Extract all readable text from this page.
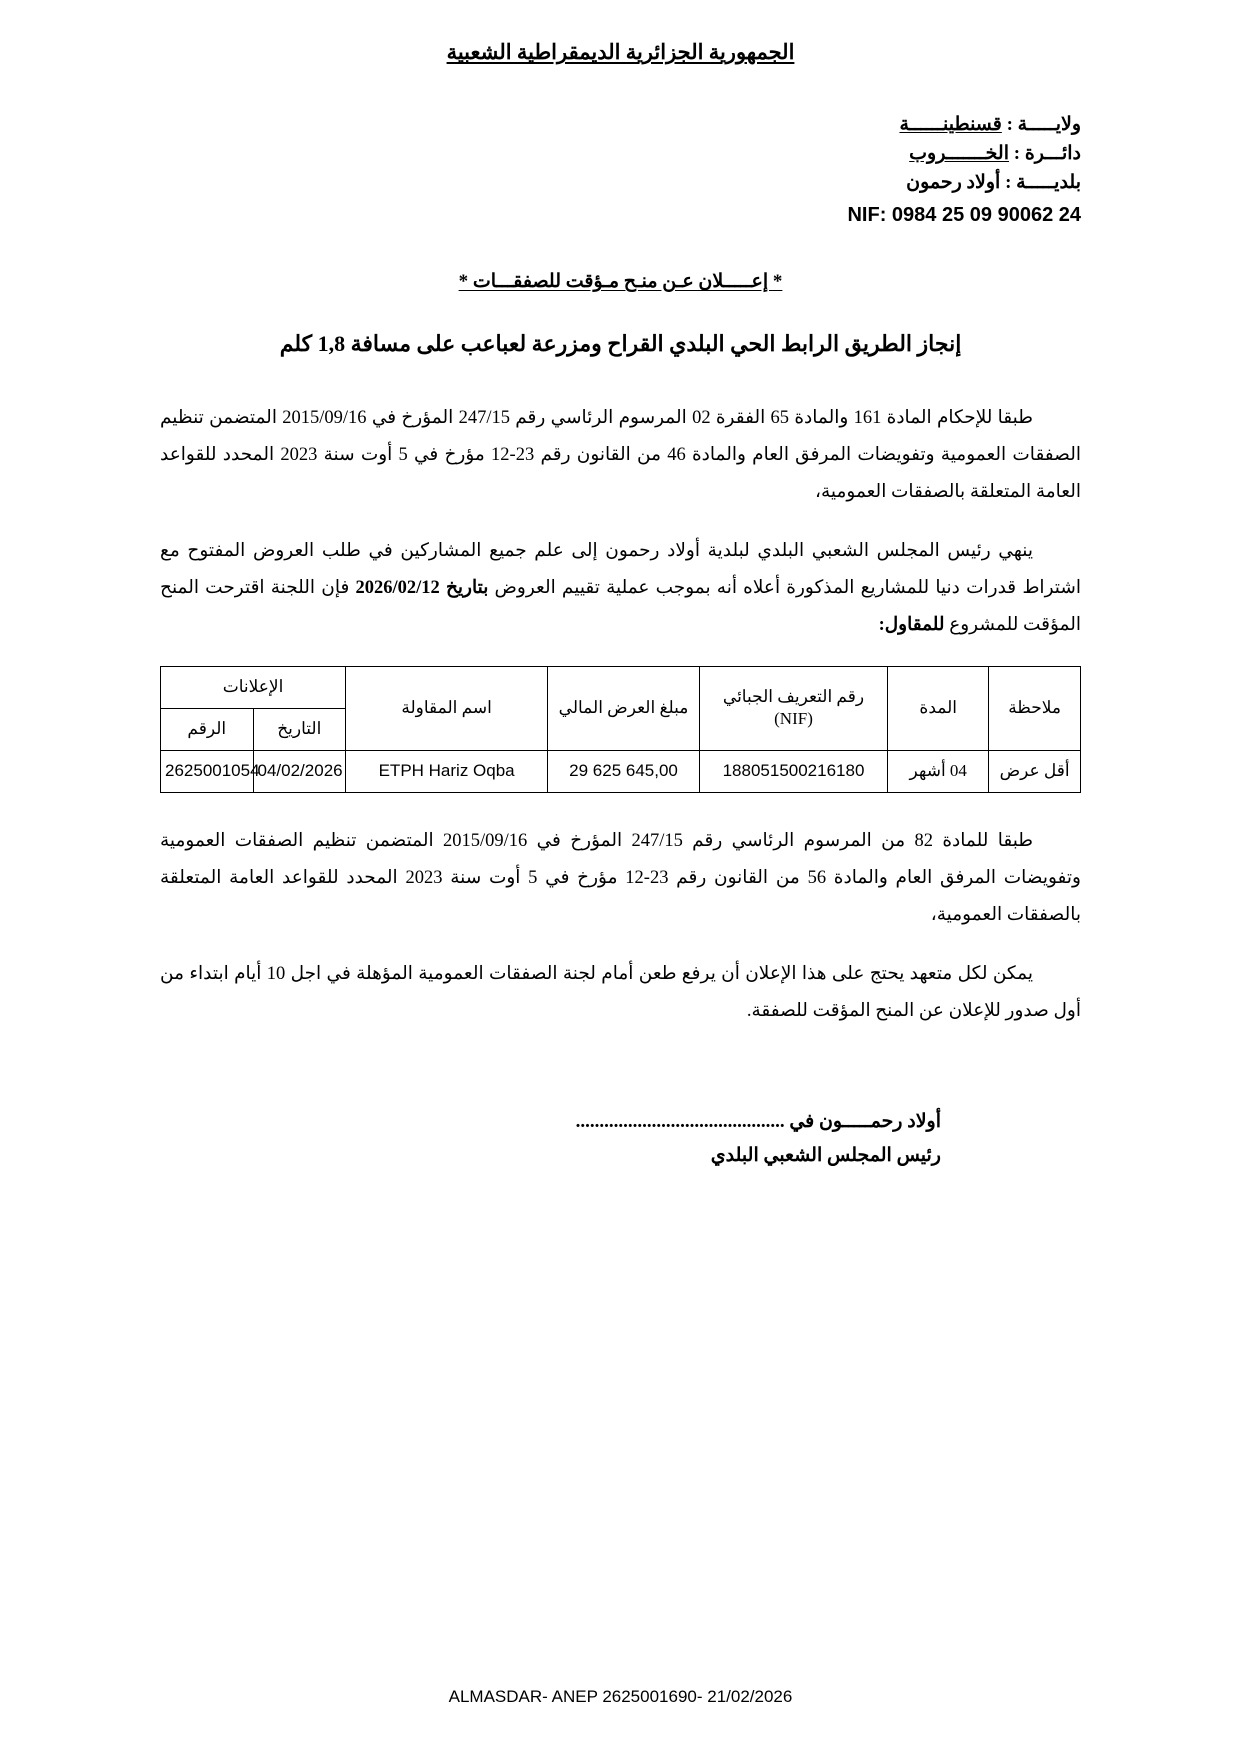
الجمهورية الجزائرية الديمقراطية الشعبية
ولايـــــة : قسنطينــــــة
دائـــرة : الخـــــــروب
بلديـــــة : أولاد رحمون
NIF: 0984 25 09 90062 24
* إعـــــلان عـن منـح مـؤقت للصفقـــات *
إنجاز الطريق الرابط الحي البلدي القراح ومزرعة لعباعب على مسافة 1,8 كلم

طبقا للإحكام المادة 161 والمادة 65 الفقرة 02 المرسوم الرئاسي رقم 247/15 المؤرخ في 2015/09/16 المتضمن تنظيم الصفقات العمومية وتفويضات المرفق العام والمادة 46 من القانون رقم 23-12 مؤرخ في 5 أوت سنة 2023 المحدد للقواعد العامة المتعلقة بالصفقات العمومية،

ينهي رئيس المجلس الشعبي البلدي لبلدية أولاد رحمون إلى علم جميع المشاركين في طلب العروض المفتوح مع اشتراط قدرات دنيا للمشاريع المذكورة أعلاه أنه بموجب عملية تقييم العروض بتاريخ 2026/02/12 فإن اللجنة اقترحت المنح المؤقت للمشروع للمقاول:

ملاحظة	المدة	رقم التعريف الجبائي (NIF)	مبلغ العرض المالي	اسم المقاولة	الإعلانات	
					التاريخ	الرقم
أقل عرض	04 أشهر	188051500216180	29 625 645,00	ETPH Hariz Oqba	04/02/2026	2625001054

طبقا للمادة 82 من المرسوم الرئاسي رقم 247/15 المؤرخ في 2015/09/16 المتضمن تنظيم الصفقات العمومية وتفويضات المرفق العام والمادة 56 من القانون رقم 23-12 مؤرخ في 5 أوت سنة 2023 المحدد للقواعد العامة المتعلقة بالصفقات العمومية،

يمكن لكل متعهد يحتج على هذا الإعلان أن يرفع طعن أمام لجنة الصفقات العمومية المؤهلة في اجل 10 أيام ابتداء من أول صدور للإعلان عن المنح المؤقت للصفقة.

أولاد رحمـــــون في ............................................
رئيس المجلس الشعبي البلدي
ALMASDAR- ANEP 2625001690- 21/02/2026
